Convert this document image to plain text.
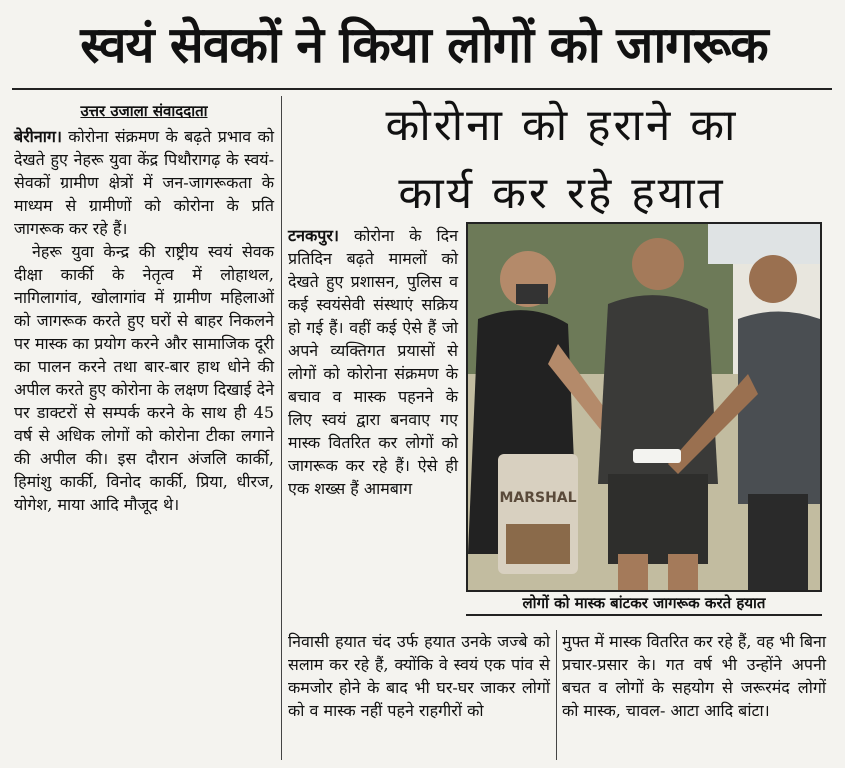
स्वयं सेवकों ने किया लोगों को जागरूक
उत्तर उजाला संवाददाता

बेरीनाग। कोरोना संक्रमण के बढ़ते प्रभाव को देखते हुए नेहरू युवा केंद्र पिथौरागढ़ के स्वयं- सेवकों ग्रामीण क्षेत्रों में जन-जागरूकता के माध्यम से ग्रामीणों को कोरोना के प्रति जागरूक कर रहे हैं।

नेहरू युवा केन्द्र की राष्ट्रीय स्वयं सेवक दीक्षा कार्की के नेतृत्व में लोहाथल, नागिलागांव, खोलागांव में ग्रामीण महिलाओं को जागरूक करते हुए घरों से बाहर निकलने पर मास्क का प्रयोग करने और सामाजिक दूरी का पालन करने तथा बार-बार हाथ धोने की अपील करते हुए कोरोना के लक्षण दिखाई देने पर डाक्टरों से सम्पर्क करने के साथ ही 45 वर्ष से अधिक लोगों को कोरोना टीका लगाने की अपील की। इस दौरान अंजलि कार्की, हिमांशु कार्की, विनोद कार्की, प्रिया, धीरज, योगेश, माया आदि मौजूद थे।

कोरोना को हराने का
कार्य कर रहे हयात

टनकपुर। कोरोना के दिन प्रतिदिन बढ़ते मामलों को देखते हुए प्रशासन, पुलिस व कई स्वयंसेवी संस्थाएं सक्रिय हो गई हैं। वहीं कई ऐसे हैं जो अपने व्यक्तिगत प्रयासों से लोगों को कोरोना संक्रमण के बचाव व मास्क पहनने के लिए स्वयं द्वारा बनवाए गए मास्क वितरित कर लोगों को जागरूक कर रहे हैं। ऐसे ही एक शख्स हैं आमबाग	MARSHAL
लोगों को मास्क बांटकर जागरूक करते हयात

निवासी हयात चंद उर्फ हयात उनके जज्बे को सलाम कर रहे हैं, क्योंकि वे स्वयं एक पांव से कमजोर होने के बाद भी घर-घर जाकर लोगों को व मास्क नहीं पहने राहगीरों को

मुफ्त में मास्क वितरित कर रहे हैं, वह भी बिना प्रचार-प्रसार के। गत वर्ष भी उन्होंने अपनी बचत व लोगों के सहयोग से जरूरमंद लोगों को मास्क, चावल- आटा आदि बांटा।
